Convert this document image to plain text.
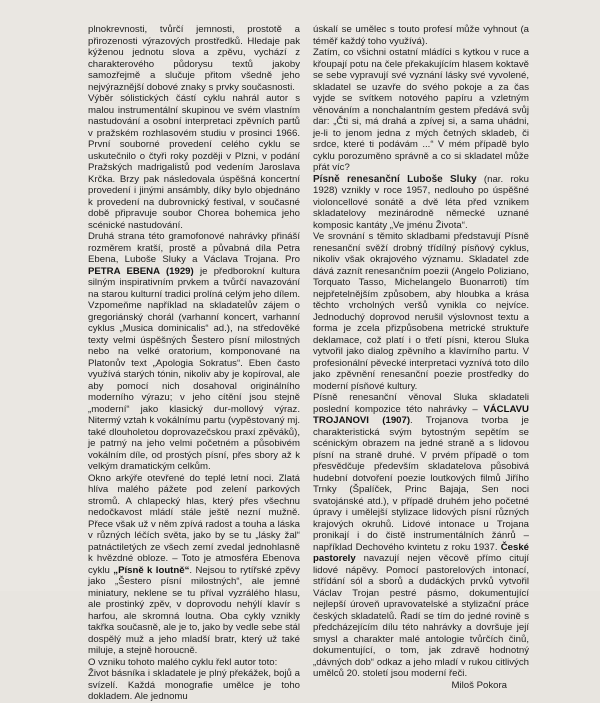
plnokrevnosti, tvůrčí jemnosti, prostotě a přirozenosti výrazových prostředků. Hledaje pak kýženou jednotu slova a zpěvu, vychází z charakterového půdorysu textů jakoby samozřejmě a slučuje přitom všedně jeho nejvýraznější dobové znaky s prvky současnosti.

Výběr sólistických částí cyklu nahrál autor s malou instrumentální skupinou ve svém vlastním nastudování a osobní interpretaci zpěvních partů v pražském rozhlasovém studiu v prosinci 1966. První souborné provedení celého cyklu se uskutečnilo o čtyři roky později v Plzni, v podání Pražských madrigalistů pod vedením Jaroslava Krčka. Brzy pak následovala úspěšná koncertní provedení i jinými ansámbly, díky bylo objednáno k provedení na dubrovnický festival, v současné době připravuje soubor Chorea bohemica jeho scénické nastudování.

Druhá strana této gramofonové nahrávky přináší rozměrem kratší, prostě a půvabná díla Petra Ebena, Luboše Sluky a Václava Trojana. Pro PETRA EBENA (1929) je předborokní kultura silným inspirativním prvkem a tvůrčí navazování na starou kulturní tradici prolíná celým jeho dílem. Vzpomeňme například na skladatelův zájem o gregoriánský chorál (varhanní koncert, varhanní cyklus „Musica dominicalis“ ad.), na středověké texty velmi úspěšných Šestero písní milostných nebo na velké oratorium, komponované na Platonův text „Apologia Sokratus“. Eben často využívá starých tónin, nikoliv aby je kopíroval, ale aby pomocí nich dosahoval originálního moderního výrazu; v jeho cítění jsou stejně „moderní“ jako klasický dur-mollový výraz. Nitermý vztah k vokálnímu partu (vypěstovaný mj. také dlouholetou doprovazečskou praxí zpěváků), je patrný na jeho velmi početném a působivém vokálním díle, od prostých písní, přes sbory až k velkým dramatickým celkům.

Okno arkýře otevřené do teplé letní noci. Zlatá hlíva malého pážete pod zelení parkových stromů. A chlapecký hlas, který přes všechnu nedočkavost mládí stále ještě nezní mužně. Přece však už v něm zpívá radost a touha a láska v různých léčích světa, jako by se tu „lásky žal“ patnáctiletých ze všech zemí zvedal jednohlasně k hvězdné obloze. – Toto je atmosféra Ebenova cyklu „Písně k loutně“. Nejsou to rytířské zpěvy jako „Šestero písní milostných“, ale jemné miniatury, neklene se tu příval vyzrálého hlasu, ale prostinký zpěv, v doprovodu nehýlí klavír s harfou, ale skromná loutna. Oba cykly vznikly takřka současně, ale je to, jako by vedle sebe stál dospělý muž a jeho mladší bratr, který už také miluje, a stejně horoucně.

O vzniku tohoto malého cyklu řekl autor toto:

Život básníka i skladatele je plný překážek, bojů a svízelí. Každá monografie umělce je toho dokladem. Ale jednomu

úskalí se umělec s touto profesí může vyhnout (a téměř každý toho využívá).

Zatím, co všichni ostatní mládíci s kytkou v ruce a křoupají potu na čele překakujícím hlasem koktavě se sebe vypravují své vyznání lásky své vyvolené, skladatel se uzavře do svého pokoje a za čas vyjde se svítkem notového papíru a vzletným věnováním a nonchalantním gestem předává svůj dar: „Čti si, má drahá a zpívej si, a sama uhádni, je-li to jenom jedna z mých četných skladeb, či srdce, které ti podávám ...“ V mém případě bylo cyklu porozuměno správně a co si skladatel může přát víc?

Písně renesanční Luboše Sluky (nar. roku 1928) vznikly v roce 1957, nedlouho po úspěšné violoncellové sonátě a dvě léta před vznikem skladatelovy mezinárodně německé uznané komposic kantáty „Ve jménu Života“.

Ve srovnání s těmito skladbami představují Písně renesanční svěží drobný třídílný písňový cyklus, nikoliv však okrajového významu. Skladatel zde dává zaznít renesančním poezii (Angelo Poliziano, Torquato Tasso, Michelangelo Buonarroti) tím nejpřetelnějším způsobem, aby hloubka a krása těchto vrcholných veršů vynikla co nejvíce. Jednoduchý doprovod nerušil výslovnost textu a forma je zcela přizpůsobena metrické struktuře deklamace, což platí i o třetí písni, kterou Sluka vytvořil jako dialog zpěvního a klavírního partu. V profesionální pěvecké interpretaci vyznívá toto dílo jako zpěvnění renesanční poezie prostředky do moderní písňové kultury.

Písně renesanční věnoval Sluka skladateli poslední kompozice této nahrávky – VÁCLAVU TROJANOVI (1907). Trojanova tvorba je charakteristická svým bytostným sepětím se scénickým obrazem na jedné straně a s lidovou písní na straně druhé. V prvém případě o tom přesvědčuje především skladatelova působivá hudební dotvoření poezie loutkových filmů Jiřího Trnky (Špalíček, Princ Bajaja, Sen noci svatojánské atd.), v případě druhém jeho početné úpravy i umělejší stylizace lidových písní různých krajových okruhů. Lidové intonace u Trojana pronikají i do čistě instrumentálních žánrů – například Dechového kvintetu z roku 1937. České pastorely navazují nejen věcově přímo citují lidové nápěvy. Pomocí pastorelových intonací, střídání sól a sborů a dudáckých prvků vytvořil Václav Trojan pestré pásmo, dokumentující nejlepší úroveň upravovatelské a stylizační práce českých skladatelů. Řadí se tím do jedné rovině s předcházejícím dílu této nahrávky a dovršuje její smysl a charakter malé antologie tvůrčích činů, dokumentující, o tom, jak zdravě hodnotný „dávných dob“ odkaz a jeho mladí v rukou citlivých umělců 20. století jsou moderní řeči.

Miloš Pokora
